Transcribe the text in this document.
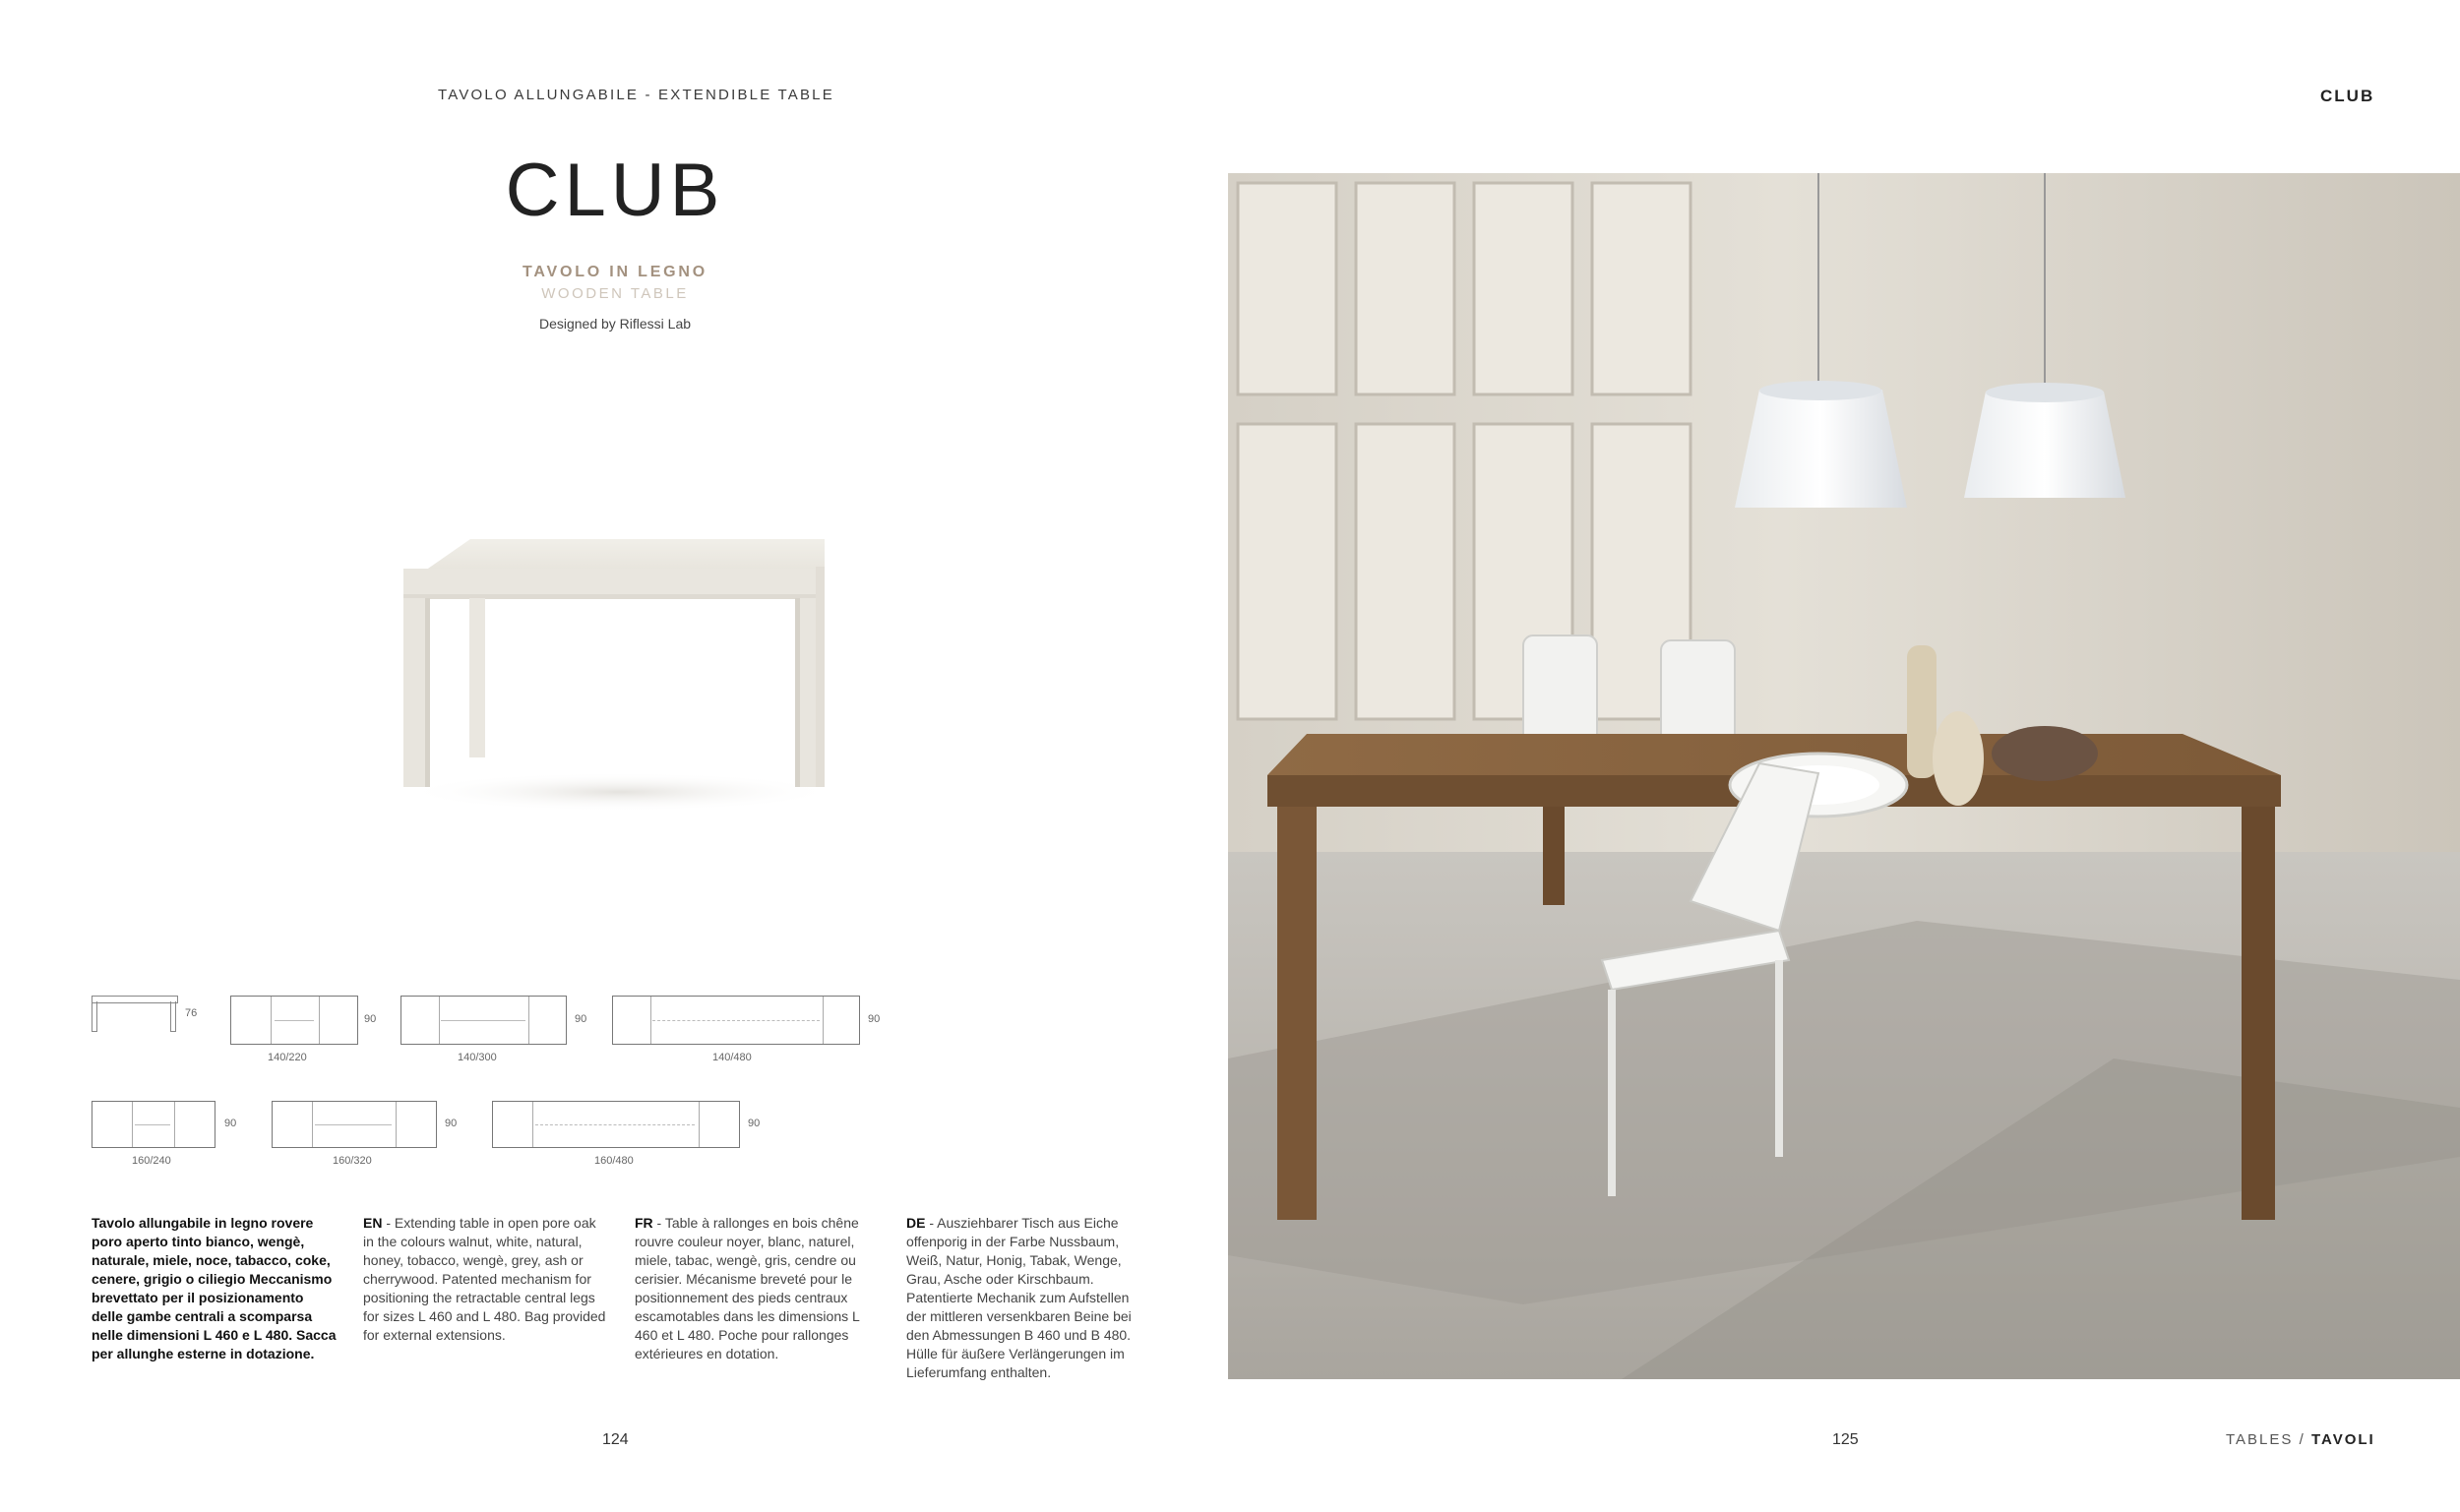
TAVOLO ALLUNGABILE - EXTENDIBLE TABLE	CLUB
CLUB
TAVOLO IN LEGNO
WOODEN TABLE
Designed by Riflessi Lab
76	90
140/220
90
140/300
90
140/480
90
160/240
90
160/320
90
160/480
Tavolo allungabile in legno rovere poro aperto tinto bianco, wengè, naturale, miele, noce, tabacco, coke, cenere, grigio o ciliegio Meccanismo brevettato per il posizionamento delle gambe centrali a scomparsa nelle dimensioni L 460 e L 480. Sacca per allunghe esterne in dotazione.
EN - Extending table in open pore oak in the colours walnut, white, natural, honey, tobacco, wengè, grey, ash or cherrywood. Patented mechanism for positioning the retractable central legs for sizes L 460 and L 480. Bag provided for external extensions.
FR - Table à rallonges en bois chêne rouvre couleur noyer, blanc, naturel, miele, tabac, wengè, gris, cendre ou cerisier. Mécanisme breveté pour le positionnement des pieds centraux escamotables dans les dimensions L 460 et L 480. Poche pour rallonges extérieures en dotation.
DE - Ausziehbarer Tisch aus Eiche offenporig in der Farbe Nussbaum, Weiß, Natur, Honig, Tabak, Wenge, Grau, Asche oder Kirschbaum. Patentierte Mechanik zum Aufstellen der mittleren versenkbaren Beine bei den Abmessungen B 460 und B 480. Hülle für äußere Verlängerungen im Lieferumfang enthalten.
124	125	TABLES / TAVOLI
